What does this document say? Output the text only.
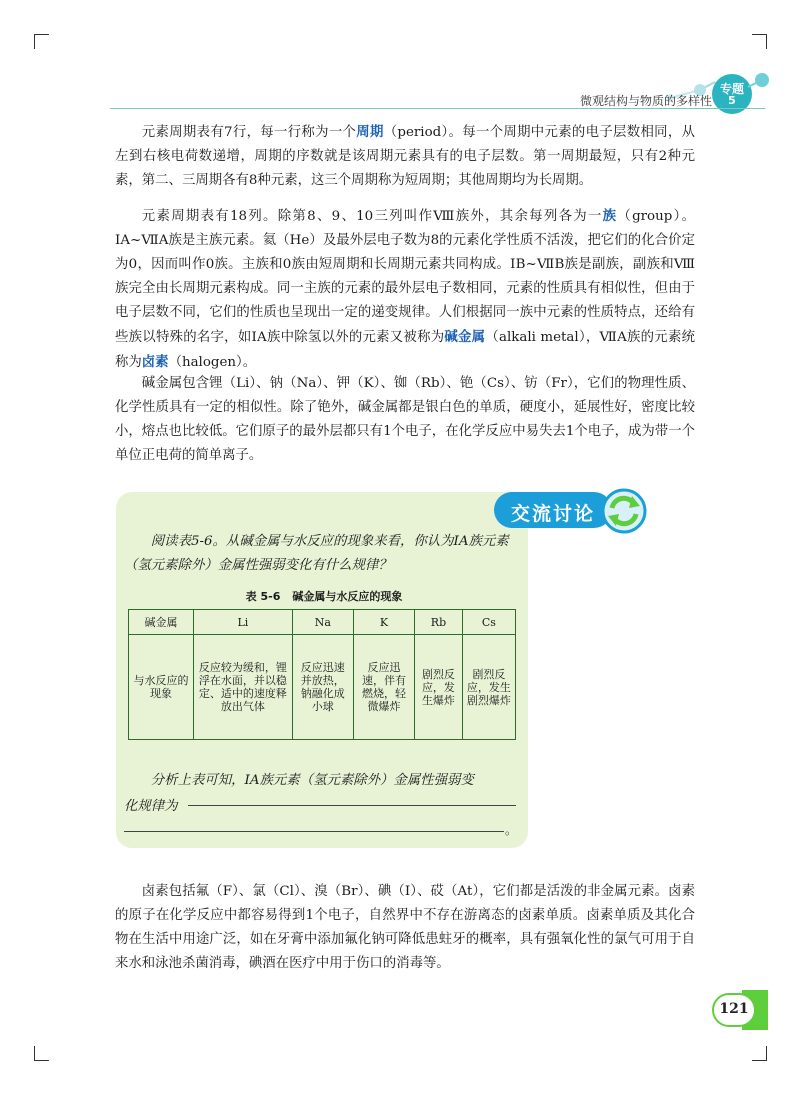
专题
5
微观结构与物质的多样性

元素周期表有7行，每一行称为一个周期（period）。每一个周期中元素的电子层数相同，从左到右核电荷数递增，周期的序数就是该周期元素具有的电子层数。第一周期最短，只有2种元素，第二、三周期各有8种元素，这三个周期称为短周期；其他周期均为长周期。

元素周期表有18列。除第8、9、10三列叫作Ⅷ族外，其余每列各为一族（group）。ⅠA~ⅦA族是主族元素。氦（He）及最外层电子数为8的元素化学性质不活泼，把它们的化合价定为0，因而叫作0族。主族和0族由短周期和长周期元素共同构成。ⅠB~ⅦB族是副族，副族和Ⅷ族完全由长周期元素构成。同一主族的元素的最外层电子数相同，元素的性质具有相似性，但由于电子层数不同，它们的性质也呈现出一定的递变规律。人们根据同一族中元素的性质特点，还给有些族以特殊的名字，如ⅠA族中除氢以外的元素又被称为碱金属（alkali metal），ⅦA族的元素统称为卤素（halogen）。

碱金属包含锂（Li）、钠（Na）、钾（K）、铷（Rb）、铯（Cs）、钫（Fr），它们的物理性质、化学性质具有一定的相似性。除了铯外，碱金属都是银白色的单质，硬度小，延展性好，密度比较小，熔点也比较低。它们原子的最外层都只有1个电子，在化学反应中易失去1个电子，成为带一个单位正电荷的简单离子。

交流讨论
阅读表5-6。从碱金属与水反应的现象来看，你认为ⅠA族元素（氢元素除外）金属性强弱变化有什么规律？
表 5-6 碱金属与水反应的现象
碱金属	Li	Na	K	Rb	Cs
与水反应的现象	反应较为缓和，锂浮在水面，并以稳定、适中的速度释放出气体	反应迅速并放热，钠融化成小球	反应迅速，伴有燃烧，轻微爆炸	剧烈反应，发生爆炸	剧烈反应，发生剧烈爆炸
分析上表可知，ⅠA族元素（氢元素除外）金属性强弱变
化规律为
。

卤素包括氟（F）、氯（Cl）、溴（Br）、碘（I）、砹（At），它们都是活泼的非金属元素。卤素的原子在化学反应中都容易得到1个电子，自然界中不存在游离态的卤素单质。卤素单质及其化合物在生活中用途广泛，如在牙膏中添加氟化钠可降低患蛀牙的概率，具有强氧化性的氯气可用于自来水和泳池杀菌消毒，碘酒在医疗中用于伤口的消毒等。

121
